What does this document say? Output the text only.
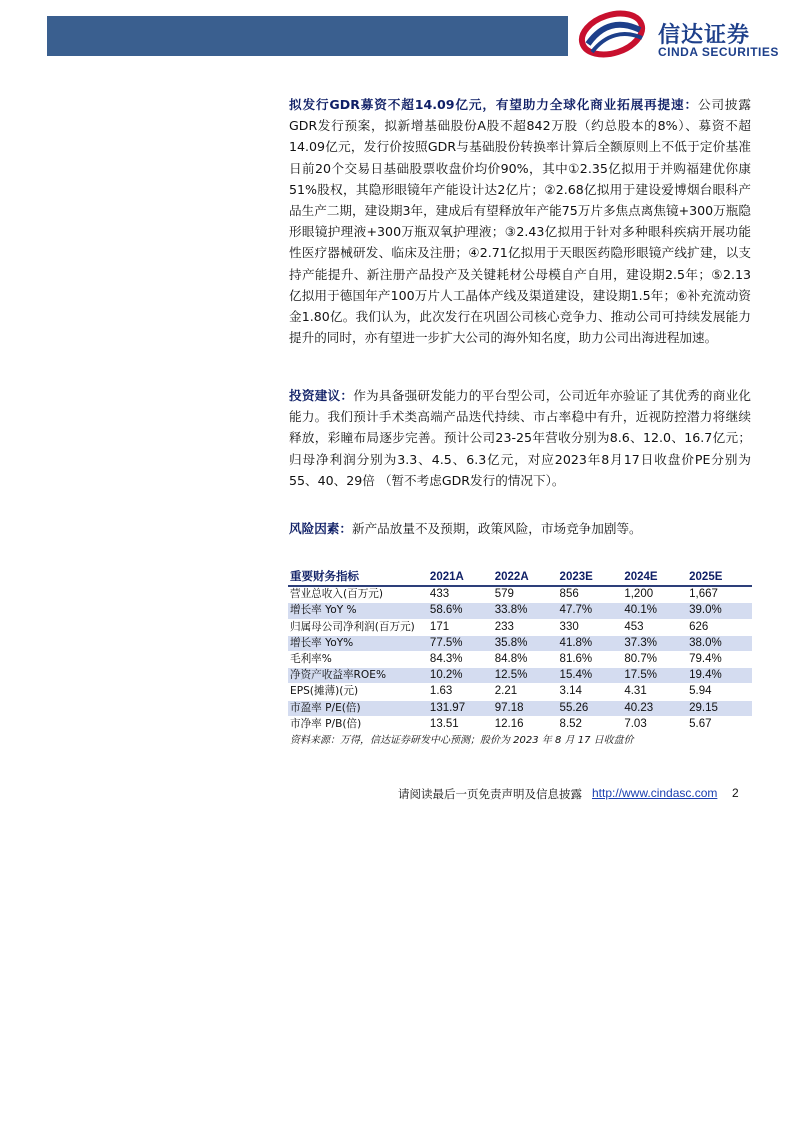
信达证券
CINDA SECURITIES

拟发行GDR募资不超14.09亿元，有望助力全球化商业拓展再提速：公司披露GDR发行预案，拟新增基础股份A股不超842万股（约总股本的8%）、募资不超14.09亿元，发行价按照GDR与基础股份转换率计算后全额原则上不低于定价基准日前20个交易日基础股票收盘价均价90%，其中①2.35亿拟用于并购福建优你康51%股权，其隐形眼镜年产能设计达2亿片；②2.68亿拟用于建设爱博烟台眼科产品生产二期，建设期3年，建成后有望释放年产能75万片多焦点离焦镜+300万瓶隐形眼镜护理液+300万瓶双氧护理液；③2.43亿拟用于针对多种眼科疾病开展功能性医疗器械研发、临床及注册；④2.71亿拟用于天眼医药隐形眼镜产线扩建，以支持产能提升、新注册产品投产及关键耗材公母模自产自用，建设期2.5年；⑤2.13亿拟用于德国年产100万片人工晶体产线及渠道建设，建设期1.5年；⑥补充流动资金1.80亿。我们认为，此次发行在巩固公司核心竞争力、推动公司可持续发展能力提升的同时，亦有望进一步扩大公司的海外知名度，助力公司出海进程加速。

投资建议：作为具备强研发能力的平台型公司，公司近年亦验证了其优秀的商业化能力。我们预计手术类高端产品迭代持续、市占率稳中有升，近视防控潜力将继续释放，彩瞳布局逐步完善。预计公司23-25年营收分别为8.6、12.0、16.7亿元；归母净利润分别为3.3、4.5、6.3亿元，对应2023年8月17日收盘价PE分别为55、40、29倍 （暂不考虑GDR发行的情况下）。

风险因素：新产品放量不及预期，政策风险，市场竞争加剧等。

重要财务指标	2021A	2022A	2023E	2024E	2025E
营业总收入(百万元)	433	579	856	1,200	1,667
增长率 YoY %	58.6%	33.8%	47.7%	40.1%	39.0%
归属母公司净利润(百万元)	171	233	330	453	626
增长率 YoY%	77.5%	35.8%	41.8%	37.3%	38.0%
毛利率%	84.3%	84.8%	81.6%	80.7%	79.4%
净资产收益率ROE%	10.2%	12.5%	15.4%	17.5%	19.4%
EPS(摊薄)(元)	1.63	2.21	3.14	4.31	5.94
市盈率 P/E(倍)	131.97	97.18	55.26	40.23	29.15
市净率 P/B(倍)	13.51	12.16	8.52	7.03	5.67
资料来源：万得，信达证券研发中心预测；股价为 2023 年 8 月 17 日收盘价
请阅读最后一页免责声明及信息披露 http://www.cindasc.com 2
